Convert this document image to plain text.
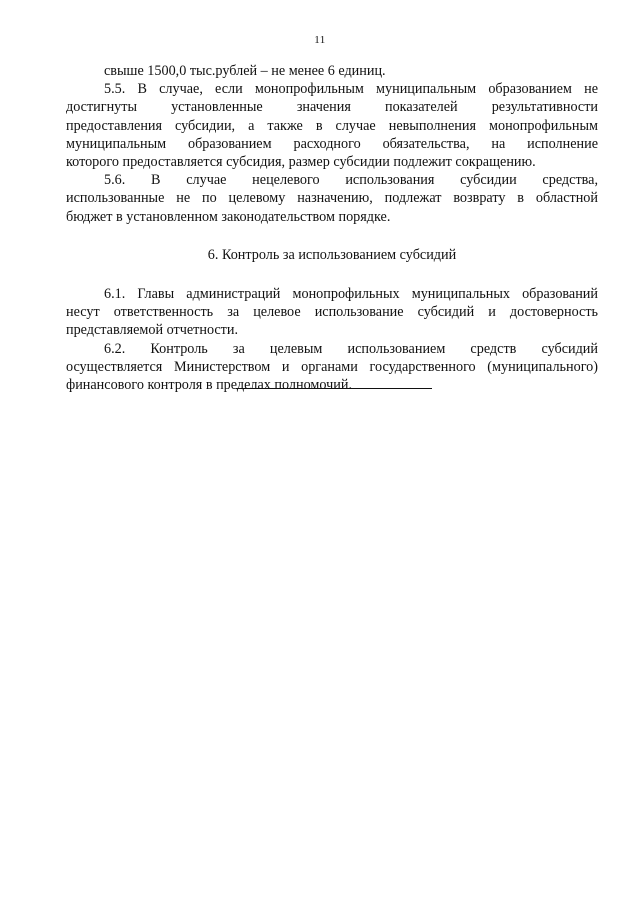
11
свыше 1500,0 тыс.рублей – не менее 6 единиц.
5.5. В случае, если монопрофильным муниципальным образованием не
достигнуты установленные значения показателей результативности
предоставления субсидии, а также в случае невыполнения монопрофильным
муниципальным образованием расходного обязательства, на исполнение
которого предоставляется субсидия, размер субсидии подлежит сокращению.
5.6. В случае нецелевого использования субсидии средства,
использованные не по целевому назначению, подлежат возврату в областной
бюджет в установленном законодательством порядке.
6. Контроль за использованием субсидий
6.1. Главы администраций монопрофильных муниципальных образований
несут ответственность за целевое использование субсидий и достоверность
представляемой отчетности.
6.2. Контроль за целевым использованием средств субсидий
осуществляется Министерством и органами государственного (муниципального)
финансового контроля в пределах полномочий.
